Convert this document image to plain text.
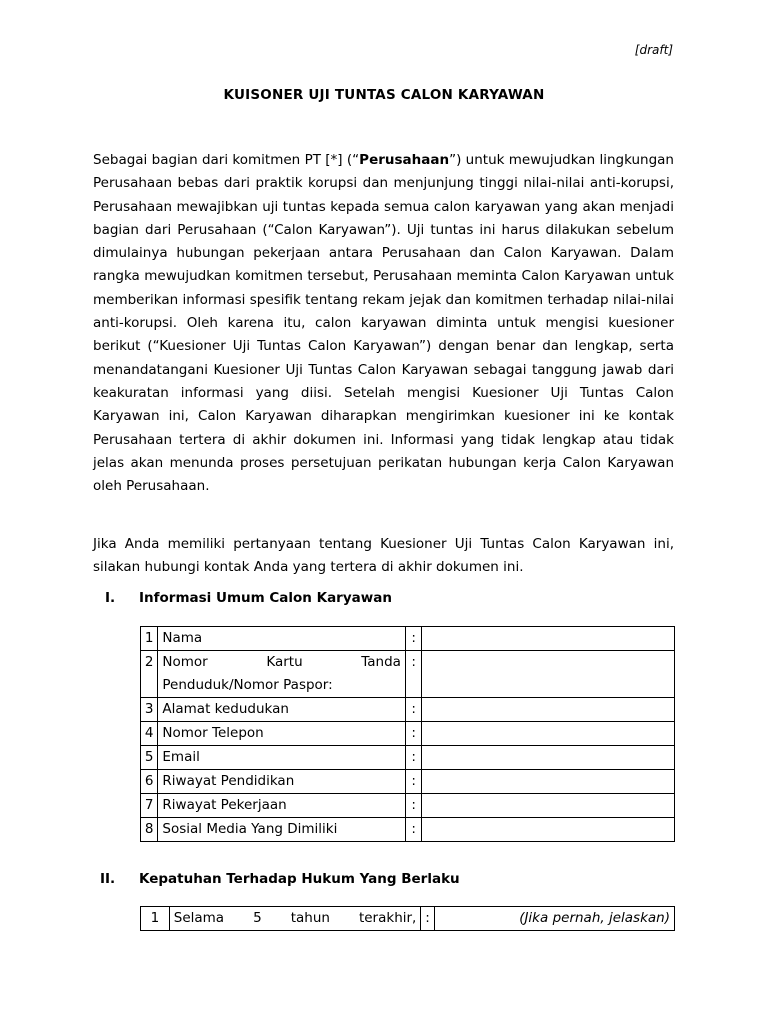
[draft]
KUISONER UJI TUNTAS CALON KARYAWAN
Sebagai bagian dari komitmen PT [*] (“Perusahaan”) untuk mewujudkan lingkungan Perusahaan bebas dari praktik korupsi dan menjunjung tinggi nilai-nilai anti-korupsi, Perusahaan mewajibkan uji tuntas kepada semua calon karyawan yang akan menjadi bagian dari Perusahaan (“Calon Karyawan”). Uji tuntas ini harus dilakukan sebelum dimulainya hubungan pekerjaan antara Perusahaan dan Calon Karyawan. Dalam rangka mewujudkan komitmen tersebut, Perusahaan meminta Calon Karyawan untuk memberikan informasi spesifik tentang rekam jejak dan komitmen terhadap nilai-nilai anti-korupsi. Oleh karena itu, calon karyawan diminta untuk mengisi kuesioner berikut (“Kuesioner Uji Tuntas Calon Karyawan”) dengan benar dan lengkap, serta menandatangani Kuesioner Uji Tuntas Calon Karyawan sebagai tanggung jawab dari keakuratan informasi yang diisi. Setelah mengisi Kuesioner Uji Tuntas Calon Karyawan ini, Calon Karyawan diharapkan mengirimkan kuesioner ini ke kontak Perusahaan tertera di akhir dokumen ini. Informasi yang tidak lengkap atau tidak jelas akan menunda proses persetujuan perikatan hubungan kerja Calon Karyawan oleh Perusahaan.
Jika Anda memiliki pertanyaan tentang Kuesioner Uji Tuntas Calon Karyawan ini, silakan hubungi kontak Anda yang tertera di akhir dokumen ini.
I. Informasi Umum Calon Karyawan
1	Nama	:	
2	Nomor Kartu Tanda
Penduduk/Nomor Paspor:	:	
3	Alamat kedudukan	:	
4	Nomor Telepon	:	
5	Email	:	
6	Riwayat Pendidikan	:	
7	Riwayat Pekerjaan	:	
8	Sosial Media Yang Dimiliki	:	
II. Kepatuhan Terhadap Hukum Yang Berlaku
1	Selama 5 tahun terakhir,	:	(Jika pernah, jelaskan)
